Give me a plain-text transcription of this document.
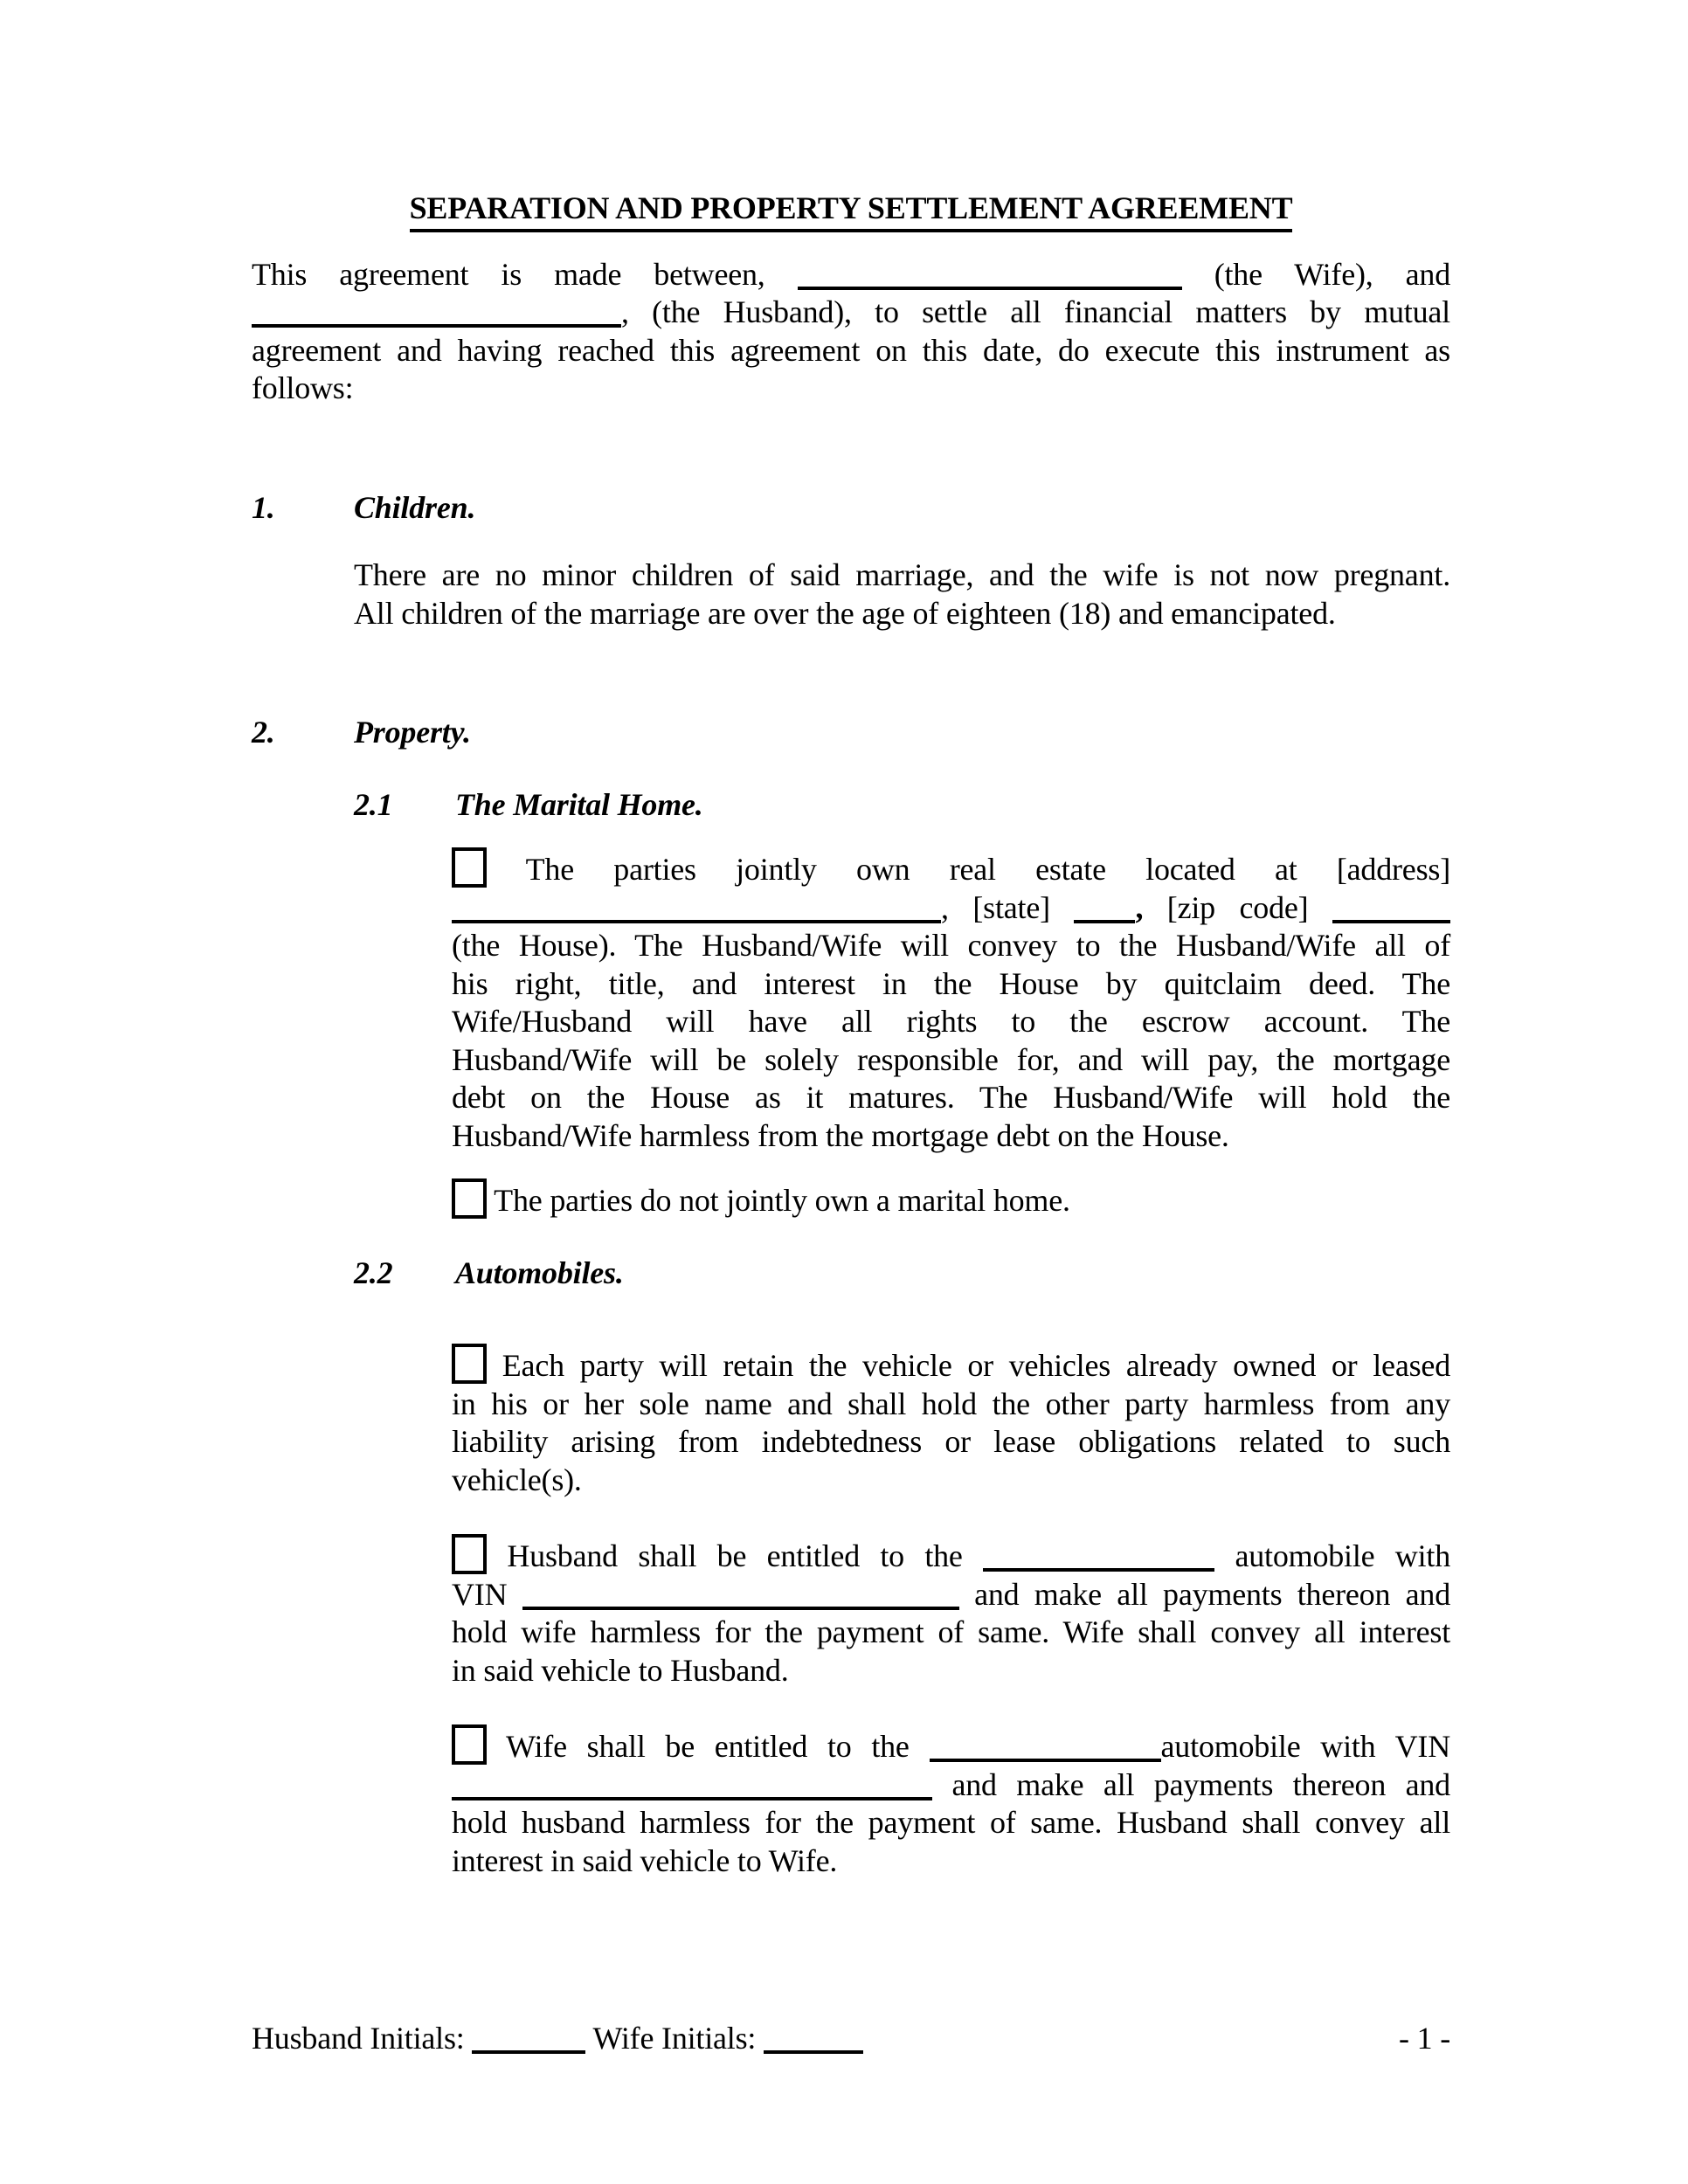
SEPARATION AND PROPERTY SETTLEMENT AGREEMENT
This agreement is made between,	(the Wife), and
, (the Husband), to settle all financial matters by mutual
agreement and having reached this agreement on this date, do execute this instrument as
follows:
1.	Children.
There are no minor children of said marriage, and the wife is not now pregnant.
All children of the marriage are over the age of eighteen (18) and emancipated.
2.	Property.
2.1 The Marital Home.
The parties jointly own real estate located at [address]
, [state] , [zip code]
(the House). The Husband/Wife will convey to the Husband/Wife all of
his right, title, and interest in the House by quitclaim deed. The
Wife/Husband will have all rights to the escrow account. The
Husband/Wife will be solely responsible for, and will pay, the mortgage
debt on the House as it matures. The Husband/Wife will hold the
Husband/Wife harmless from the mortgage debt on the House.
The parties do not jointly own a marital home.
2.2 Automobiles.
Each party will retain the vehicle or vehicles already owned or leased
in his or her sole name and shall hold the other party harmless from any
liability arising from indebtedness or lease obligations related to such
vehicle(s).
Husband shall be entitled to the	automobile with
VIN	and make all payments thereon and
hold wife harmless for the payment of same. Wife shall convey all interest
in said vehicle to Husband.
Wife shall be entitled to the	automobile with VIN
and make all payments thereon and
hold husband harmless for the payment of same. Husband shall convey all
interest in said vehicle to Wife.
Husband Initials:	Wife Initials:	- 1 -
